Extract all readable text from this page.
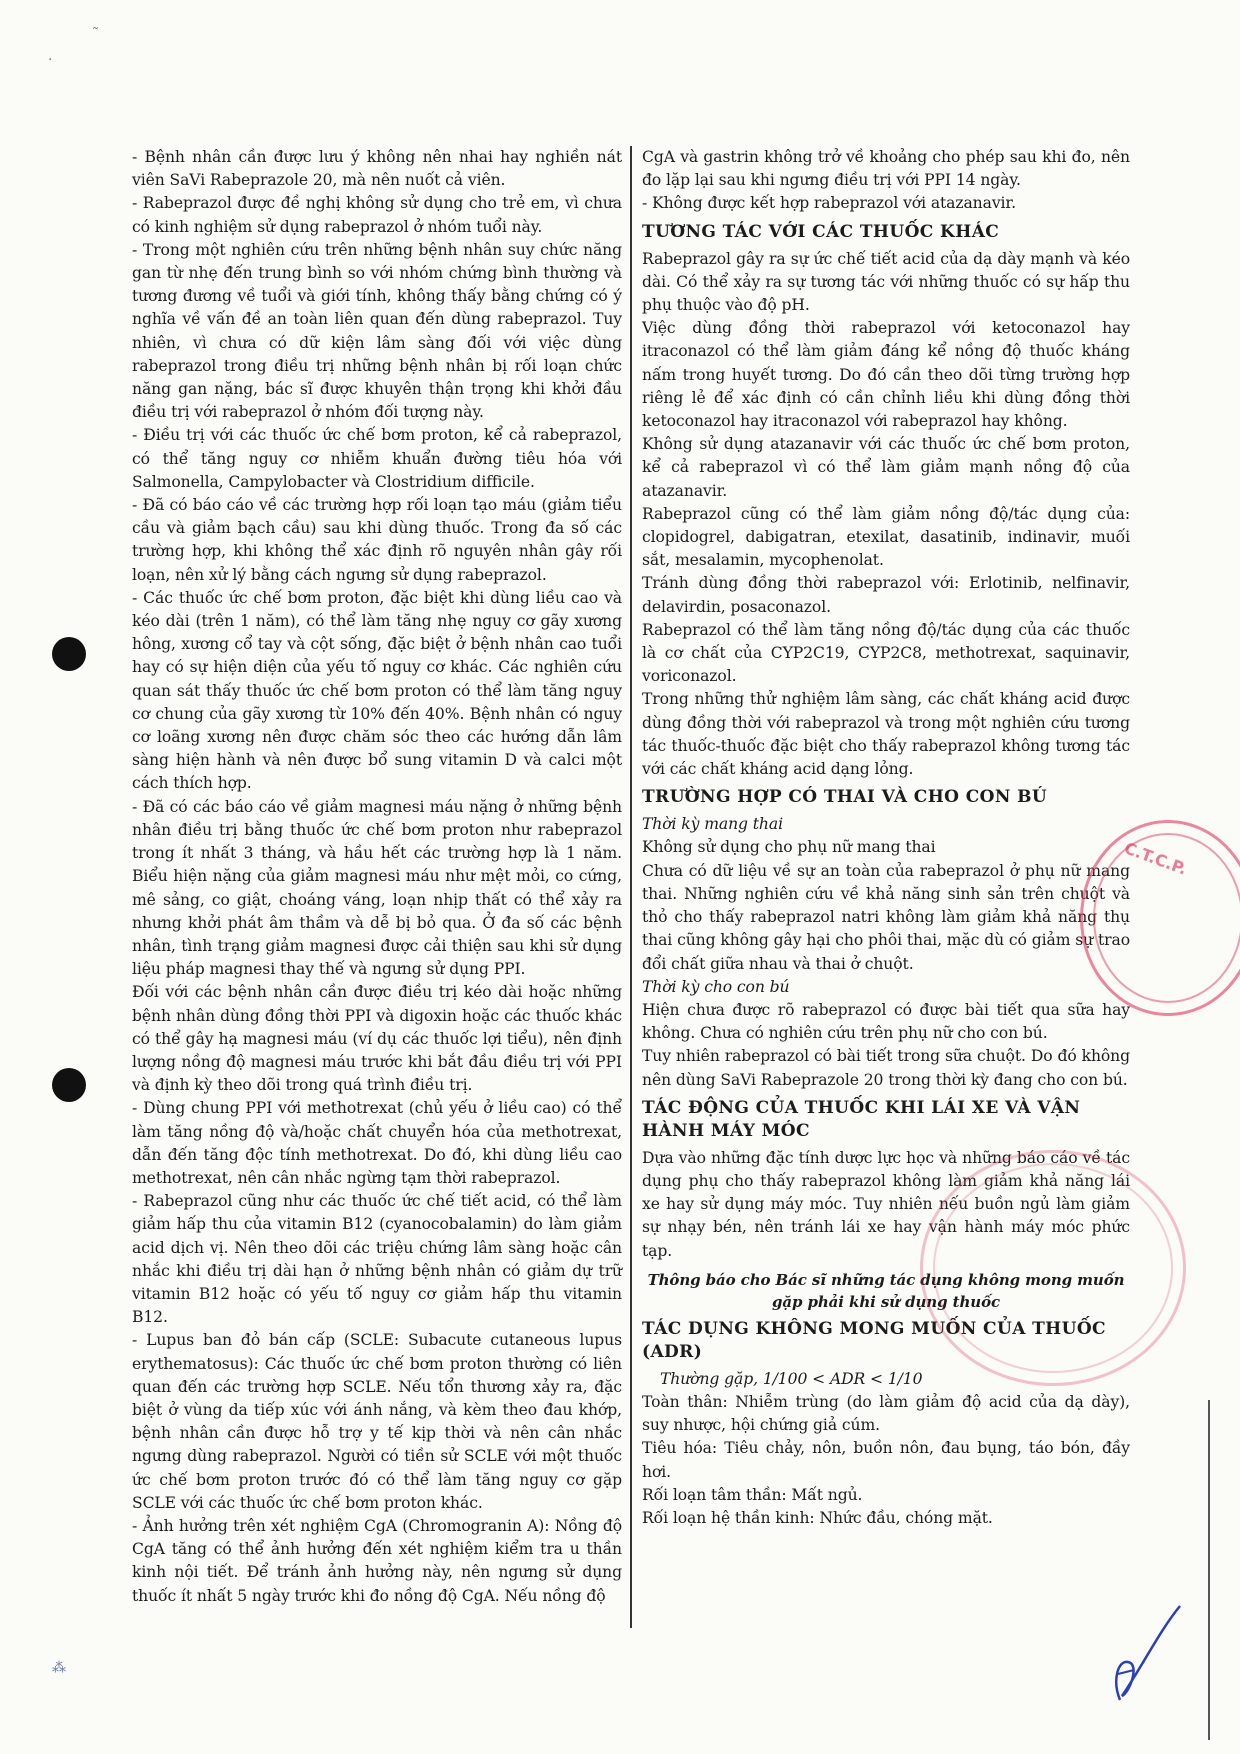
˜
·

- Bệnh nhân cần được lưu ý không nên nhai hay nghiền nát viên SaVi Rabeprazole 20, mà nên nuốt cả viên.

- Rabeprazol được đề nghị không sử dụng cho trẻ em, vì chưa có kinh nghiệm sử dụng rabeprazol ở nhóm tuổi này.

- Trong một nghiên cứu trên những bệnh nhân suy chức năng gan từ nhẹ đến trung bình so với nhóm chứng bình thường và tương đương về tuổi và giới tính, không thấy bằng chứng có ý nghĩa về vấn đề an toàn liên quan đến dùng rabeprazol. Tuy nhiên, vì chưa có dữ kiện lâm sàng đối với việc dùng rabeprazol trong điều trị những bệnh nhân bị rối loạn chức năng gan nặng, bác sĩ được khuyên thận trọng khi khởi đầu điều trị với rabeprazol ở nhóm đối tượng này.

- Điều trị với các thuốc ức chế bơm proton, kể cả rabeprazol, có thể tăng nguy cơ nhiễm khuẩn đường tiêu hóa với Salmonella, Campylobacter và Clostridium difficile.

- Đã có báo cáo về các trường hợp rối loạn tạo máu (giảm tiểu cầu và giảm bạch cầu) sau khi dùng thuốc. Trong đa số các trường hợp, khi không thể xác định rõ nguyên nhân gây rối loạn, nên xử lý bằng cách ngưng sử dụng rabeprazol.

- Các thuốc ức chế bơm proton, đặc biệt khi dùng liều cao và kéo dài (trên 1 năm), có thể làm tăng nhẹ nguy cơ gãy xương hông, xương cổ tay và cột sống, đặc biệt ở bệnh nhân cao tuổi hay có sự hiện diện của yếu tố nguy cơ khác. Các nghiên cứu quan sát thấy thuốc ức chế bơm proton có thể làm tăng nguy cơ chung của gãy xương từ 10% đến 40%. Bệnh nhân có nguy cơ loãng xương nên được chăm sóc theo các hướng dẫn lâm sàng hiện hành và nên được bổ sung vitamin D và calci một cách thích hợp.

- Đã có các báo cáo về giảm magnesi máu nặng ở những bệnh nhân điều trị bằng thuốc ức chế bơm proton như rabeprazol trong ít nhất 3 tháng, và hầu hết các trường hợp là 1 năm. Biểu hiện nặng của giảm magnesi máu như mệt mỏi, co cứng, mê sảng, co giật, choáng váng, loạn nhịp thất có thể xảy ra nhưng khởi phát âm thầm và dễ bị bỏ qua. Ở đa số các bệnh nhân, tình trạng giảm magnesi được cải thiện sau khi sử dụng liệu pháp magnesi thay thế và ngưng sử dụng PPI.

Đối với các bệnh nhân cần được điều trị kéo dài hoặc những bệnh nhân dùng đồng thời PPI và digoxin hoặc các thuốc khác có thể gây hạ magnesi máu (ví dụ các thuốc lợi tiểu), nên định lượng nồng độ magnesi máu trước khi bắt đầu điều trị với PPI và định kỳ theo dõi trong quá trình điều trị.

- Dùng chung PPI với methotrexat (chủ yếu ở liều cao) có thể làm tăng nồng độ và/hoặc chất chuyển hóa của methotrexat, dẫn đến tăng độc tính methotrexat. Do đó, khi dùng liều cao methotrexat, nên cân nhắc ngừng tạm thời rabeprazol.

- Rabeprazol cũng như các thuốc ức chế tiết acid, có thể làm giảm hấp thu của vitamin B12 (cyanocobalamin) do làm giảm acid dịch vị. Nên theo dõi các triệu chứng lâm sàng hoặc cân nhắc khi điều trị dài hạn ở những bệnh nhân có giảm dự trữ vitamin B12 hoặc có yếu tố nguy cơ giảm hấp thu vitamin B12.

- Lupus ban đỏ bán cấp (SCLE: Subacute cutaneous lupus erythematosus): Các thuốc ức chế bơm proton thường có liên quan đến các trường hợp SCLE. Nếu tổn thương xảy ra, đặc biệt ở vùng da tiếp xúc với ánh nắng, và kèm theo đau khớp, bệnh nhân cần được hỗ trợ y tế kịp thời và nên cân nhắc ngưng dùng rabeprazol. Người có tiền sử SCLE với một thuốc ức chế bơm proton trước đó có thể làm tăng nguy cơ gặp SCLE với các thuốc ức chế bơm proton khác.

- Ảnh hưởng trên xét nghiệm CgA (Chromogranin A): Nồng độ CgA tăng có thể ảnh hưởng đến xét nghiệm kiểm tra u thần kinh nội tiết. Để tránh ảnh hưởng này, nên ngưng sử dụng thuốc ít nhất 5 ngày trước khi đo nồng độ CgA. Nếu nồng độ

CgA và gastrin không trở về khoảng cho phép sau khi đo, nên đo lặp lại sau khi ngưng điều trị với PPI 14 ngày.

- Không được kết hợp rabeprazol với atazanavir.

TƯƠNG TÁC VỚI CÁC THUỐC KHÁC

Rabeprazol gây ra sự ức chế tiết acid của dạ dày mạnh và kéo dài. Có thể xảy ra sự tương tác với những thuốc có sự hấp thu phụ thuộc vào độ pH.

Việc dùng đồng thời rabeprazol với ketoconazol hay itraconazol có thể làm giảm đáng kể nồng độ thuốc kháng nấm trong huyết tương. Do đó cần theo dõi từng trường hợp riêng lẻ để xác định có cần chỉnh liều khi dùng đồng thời ketoconazol hay itraconazol với rabeprazol hay không.

Không sử dụng atazanavir với các thuốc ức chế bơm proton, kể cả rabeprazol vì có thể làm giảm mạnh nồng độ của atazanavir.

Rabeprazol cũng có thể làm giảm nồng độ/tác dụng của: clopidogrel, dabigatran, etexilat, dasatinib, indinavir, muối sắt, mesalamin, mycophenolat.

Tránh dùng đồng thời rabeprazol với: Erlotinib, nelfinavir, delavirdin, posaconazol.

Rabeprazol có thể làm tăng nồng độ/tác dụng của các thuốc là cơ chất của CYP2C19, CYP2C8, methotrexat, saquinavir, voriconazol.

Trong những thử nghiệm lâm sàng, các chất kháng acid được dùng đồng thời với rabeprazol và trong một nghiên cứu tương tác thuốc-thuốc đặc biệt cho thấy rabeprazol không tương tác với các chất kháng acid dạng lỏng.

TRƯỜNG HỢP CÓ THAI VÀ CHO CON BÚ

Thời kỳ mang thai

Không sử dụng cho phụ nữ mang thai

Chưa có dữ liệu về sự an toàn của rabeprazol ở phụ nữ mang thai. Những nghiên cứu về khả năng sinh sản trên chuột và thỏ cho thấy rabeprazol natri không làm giảm khả năng thụ thai cũng không gây hại cho phôi thai, mặc dù có giảm sự trao đổi chất giữa nhau và thai ở chuột.

Thời kỳ cho con bú

Hiện chưa được rõ rabeprazol có được bài tiết qua sữa hay không. Chưa có nghiên cứu trên phụ nữ cho con bú.

Tuy nhiên rabeprazol có bài tiết trong sữa chuột. Do đó không nên dùng SaVi Rabeprazole 20 trong thời kỳ đang cho con bú.

TÁC ĐỘNG CỦA THUỐC KHI LÁI XE VÀ VẬN HÀNH MÁY MÓC

Dựa vào những đặc tính dược lực học và những báo cáo về tác dụng phụ cho thấy rabeprazol không làm giảm khả năng lái xe hay sử dụng máy móc. Tuy nhiên nếu buồn ngủ làm giảm sự nhạy bén, nên tránh lái xe hay vận hành máy móc phức tạp.

Thông báo cho Bác sĩ những tác dụng không mong muốn gặp phải khi sử dụng thuốc
TÁC DỤNG KHÔNG MONG MUỐN CỦA THUỐC (ADR)

Thường gặp, 1/100 < ADR < 1/10

Toàn thân: Nhiễm trùng (do làm giảm độ acid của dạ dày), suy nhược, hội chứng giả cúm.

Tiêu hóa: Tiêu chảy, nôn, buồn nôn, đau bụng, táo bón, đầy hơi.

Rối loạn tâm thần: Mất ngủ.

Rối loạn hệ thần kinh: Nhức đầu, chóng mặt.

C.T.C.P.
⁂
